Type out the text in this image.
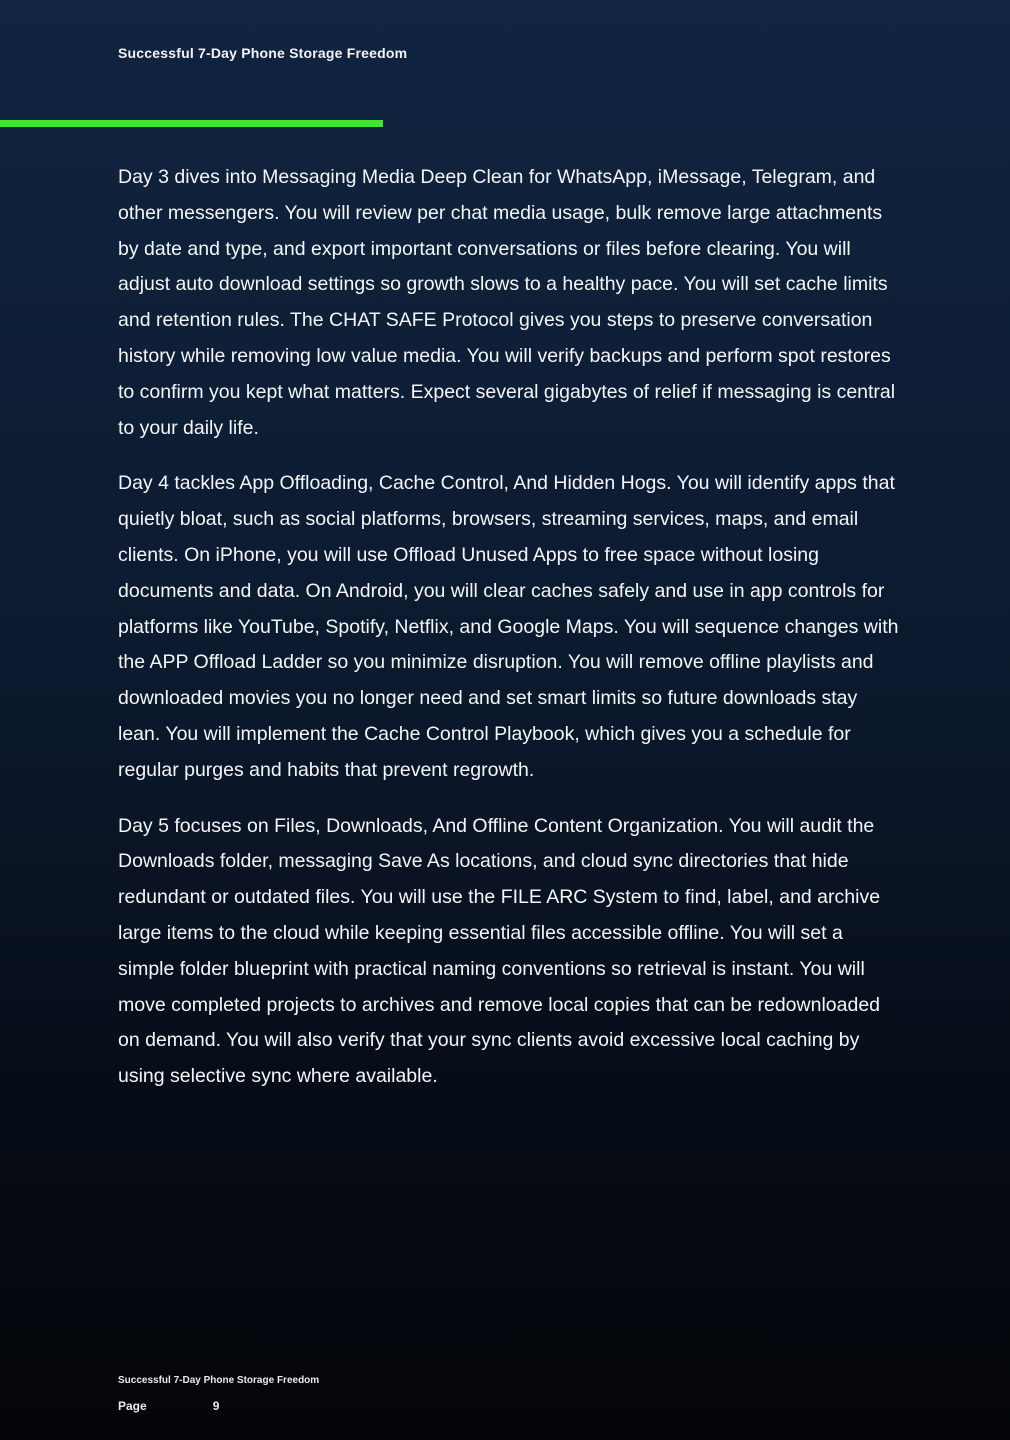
Successful 7-Day Phone Storage Freedom

Day 3 dives into Messaging Media Deep Clean for WhatsApp, iMessage, Telegram, and other messengers. You will review per chat media usage, bulk remove large attachments by date and type, and export important conversations or files before clearing. You will adjust auto download settings so growth slows to a healthy pace. You will set cache limits and retention rules. The CHAT SAFE Protocol gives you steps to preserve conversation history while removing low value media. You will verify backups and perform spot restores to confirm you kept what matters. Expect several gigabytes of relief if messaging is central to your daily life.

Day 4 tackles App Offloading, Cache Control, And Hidden Hogs. You will identify apps that quietly bloat, such as social platforms, browsers, streaming services, maps, and email clients. On iPhone, you will use Offload Unused Apps to free space without losing documents and data. On Android, you will clear caches safely and use in app controls for platforms like YouTube, Spotify, Netflix, and Google Maps. You will sequence changes with the APP Offload Ladder so you minimize disruption. You will remove offline playlists and downloaded movies you no longer need and set smart limits so future downloads stay lean. You will implement the Cache Control Playbook, which gives you a schedule for regular purges and habits that prevent regrowth.

Day 5 focuses on Files, Downloads, And Offline Content Organization. You will audit the Downloads folder, messaging Save As locations, and cloud sync directories that hide redundant or outdated files. You will use the FILE ARC System to find, label, and archive large items to the cloud while keeping essential files accessible offline. You will set a simple folder blueprint with practical naming conventions so retrieval is instant. You will move completed projects to archives and remove local copies that can be redownloaded on demand. You will also verify that your sync clients avoid excessive local caching by using selective sync where available.

Successful 7-Day Phone Storage Freedom
Page	9
